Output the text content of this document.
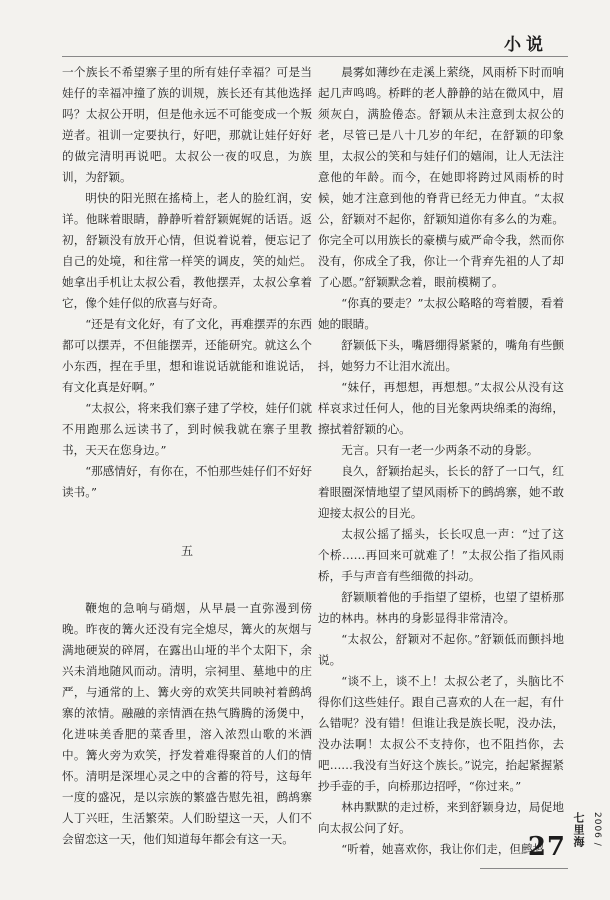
小说

一个族长不希望寨子里的所有娃仔幸福？可是当娃仔的幸福冲撞了族的训规，族长还有其他选择吗？太叔公开明，但是他永远不可能变成一个叛逆者。祖训一定要执行，好吧，那就让娃仔好好的做完清明再说吧。太叔公一夜的叹息，为族训，为舒颖。

明快的阳光照在搖椅上，老人的脸红润，安详。他眯着眼睛，静静听着舒颖娓娓的话语。返初，舒颖没有放开心情，但说着说着，便忘记了自己的处境，和往常一样笑的调皮，笑的灿烂。她拿出手机让太叔公看，教他摆弄，太叔公拿着它，像个娃仔似的欣喜与好奇。

“还是有文化好，有了文化，再难摆弄的东西都可以摆弄，不但能摆弄，还能研究。就这么个小东西，捏在手里，想和谁说话就能和谁说话，有文化真是好啊。”

“太叔公，将来我们寨子建了学校，娃仔们就不用跑那么远读书了，到时候我就在寨子里教书，天天在您身边。”

“那感情好，有你在，不怕那些娃仔们不好好读书。”

五

鞭炮的急响与硝烟，从早晨一直弥漫到傍晚。昨夜的篝火还没有完全熄尽，篝火的灰烟与满地硬炭的碎屑，在露出山垭的半个太阳下，余兴未消地随风而动。清明，宗祠里、墓地中的庄严，与通常的上、篝火旁的欢笑共同映衬着鹧鸪寨的浓情。融融的亲情酒在热气腾腾的汤煲中，化进味美香肥的菜香里，溶入浓烈山歌的米酒中。篝火旁为欢笑，抒发着难得聚首的人们的情怀。清明是深埋心灵之中的含蓄的符号，这每年一度的盛况，是以宗族的繁盛告慰先祖，鹧鸪寨人丁兴旺，生活繁荣。人们盼望这一天，人们不会留恋这一天，他们知道每年都会有这一天。

晨雾如薄纱在走溪上萦绕，风雨桥下时而响起几声鸣鸣。桥畔的老人静静的站在微风中，眉须灰白，满脸倦态。舒颖从未注意到太叔公的老，尽管已是八十几岁的年纪，在舒颖的印象里，太叔公的笑和与娃仔们的嬉闹，让人无法注意他的年龄。而今，在她即将跨过风雨桥的时候，她才注意到他的脊背已经无力伸直。“太叔公，舒颖对不起你，舒颖知道你有多么的为难。你完全可以用族长的豪横与威严命令我，然而你没有，你成全了我，你让一个背弃先祖的人了却了心愿。”舒颖默念着，眼前模糊了。

“你真的要走？”太叔公略略的弯着腰，看着她的眼睛。

舒颖低下头，嘴唇绷得紧紧的，嘴角有些颤抖，她努力不让泪水流出。

“妹仔，再想想，再想想。”太叔公从没有这样哀求过任何人，他的目光象两块绵柔的海绵，擦拭着舒颖的心。

无言。只有一老一少两条不动的身影。

良久，舒颖抬起头，长长的舒了一口气，红着眼圈深情地望了望风雨桥下的鹧鸪寨，她不敢迎接太叔公的目光。

太叔公摇了摇头，长长叹息一声：“过了这个桥……再回来可就难了！”太叔公指了指风雨桥，手与声音有些细微的抖动。

舒颖顺着他的手指望了望桥，也望了望桥那边的林冉。林冉的身影显得非常清冷。

“太叔公，舒颖对不起你。”舒颖低而颤抖地说。

“谈不上，谈不上！太叔公老了，头脑比不得你们这些娃仔。跟自己喜欢的人在一起，有什么错呢？没有错！但谁让我是族长呢，没办法，没办法啊！太叔公不支持你，也不阻挡你，去吧……我没有当好这个族长。”说完，抬起紧握紧抄手壶的手，向桥那边招呼，“你过来。”

林冉默默的走过桥，来到舒颖身边，局促地向太叔公问了好。

“听着，她喜欢你，我让你们走，但鹧鸪

2006 /
七里海
27
